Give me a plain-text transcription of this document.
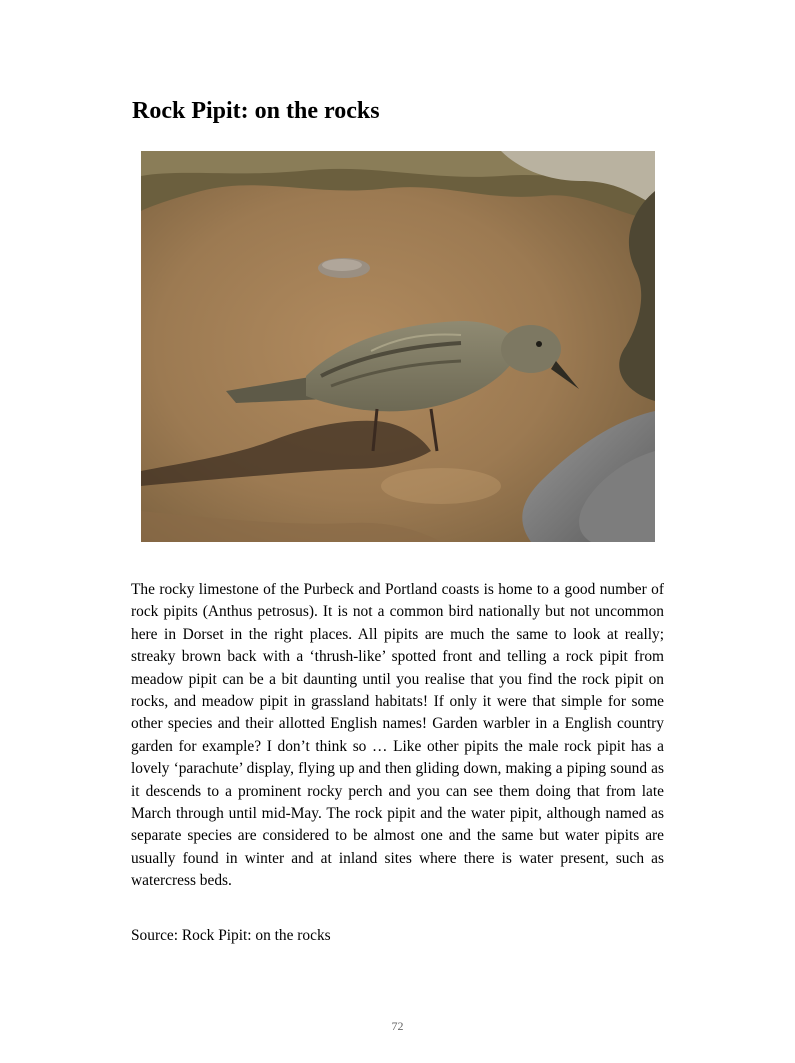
Rock Pipit: on the rocks

The rocky limestone of the Purbeck and Portland coasts is home to a good number of rock pipits (Anthus petrosus). It is not a common bird nationally but not uncommon here in Dorset in the right places. All pipits are much the same to look at really; streaky brown back with a ‘thrush-like’ spotted front and telling a rock pipit from meadow pipit can be a bit daunting until you realise that you find the rock pipit on rocks, and meadow pipit in grassland habitats! If only it were that simple for some other species and their allotted English names! Garden warbler in a English country garden for example? I don’t think so … Like other pipits the male rock pipit has a lovely ‘parachute’ display, flying up and then gliding down, making a piping sound as it descends to a prominent rocky perch and you can see them doing that from late March through until mid-May. The rock pipit and the water pipit, although named as separate species are considered to be almost one and the same but water pipits are usually found in winter and at inland sites where there is water present, such as watercress beds.

Source: Rock Pipit: on the rocks

72
